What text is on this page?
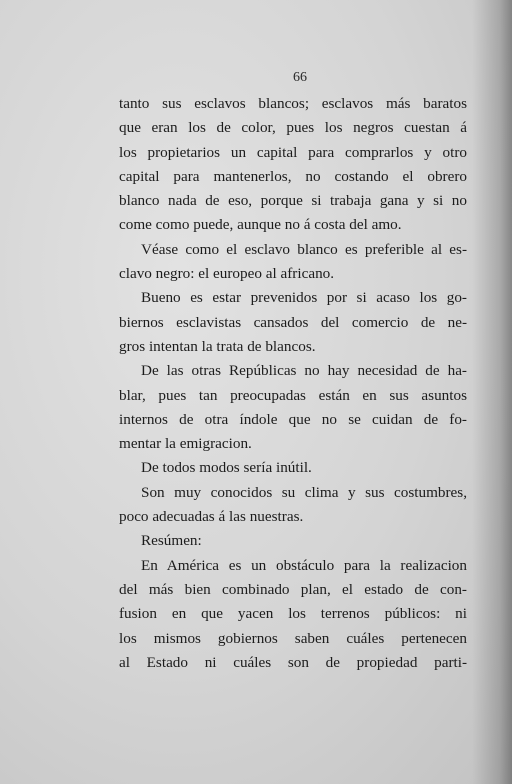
66
tanto sus esclavos blancos; esclavos más baratos
que eran los de color, pues los negros cuestan á
los propietarios un capital para comprarlos y otro
capital para mantenerlos, no costando el obrero
blanco nada de eso, porque si trabaja gana y si no
come como puede, aunque no á costa del amo.
Véase como el esclavo blanco es preferible al es-
clavo negro: el europeo al africano.
Bueno es estar prevenidos por si acaso los go-
biernos esclavistas cansados del comercio de ne-
gros intentan la trata de blancos.
De las otras Repúblicas no hay necesidad de ha-
blar, pues tan preocupadas están en sus asuntos
internos de otra índole que no se cuidan de fo-
mentar la emigracion.
De todos modos sería inútil.
Son muy conocidos su clima y sus costumbres,
poco adecuadas á las nuestras.
Resúmen:
En América es un obstáculo para la realizacion
del más bien combinado plan, el estado de con-
fusion en que yacen los terrenos públicos: ni
los mismos gobiernos saben cuáles pertenecen
al Estado ni cuáles son de propiedad parti-
